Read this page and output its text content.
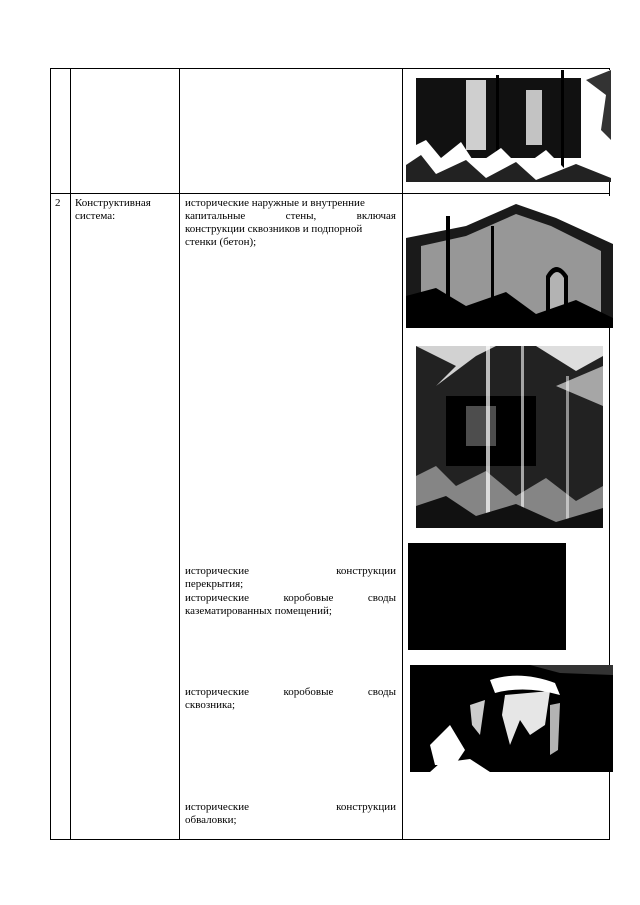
2	Конструктивная система:
исторические наружные и внутренние
капитальные стены, включая
конструкции сквозников и подпорной
стенки (бетон);
исторические конструкции
перекрытия;
исторические коробовые своды
казематированных помещений;
исторические коробовые своды
сквозника;
исторические конструкции
обваловки;
